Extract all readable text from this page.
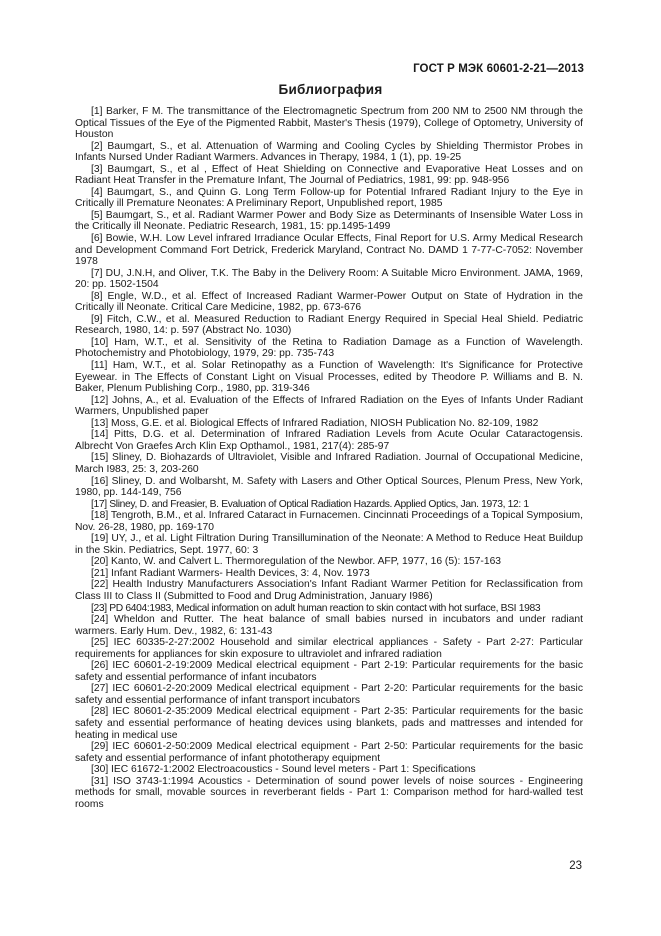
ГОСТ Р МЭК 60601-2-21—2013
Библиография

[1] Barker, F M. The transmittance of the Electromagnetic Spectrum from 200 NM to 2500 NM through the Optical Tissues of the Eye of the Pigmented Rabbit, Master's Thesis (1979), College of Optometry, University of Houston

[2] Baumgart, S., et al. Attenuation of Warming and Cooling Cycles by Shielding Thermistor Probes in Infants Nursed Under Radiant Warmers. Advances in Therapy, 1984, 1 (1), pp. 19-25

[3] Baumgart, S., et al , Effect of Heat Shielding on Connective and Evaporative Heat Losses and on Radiant Heat Transfer in the Premature Infant, The Journal of Pediatrics, 1981, 99: pp. 948-956

[4] Baumgart, S., and Quinn G. Long Term Follow-up for Potential Infrared Radiant Injury to the Eye in Critically ill Premature Neonates: A Preliminary Report, Unpublished report, 1985

[5] Baumgart, S., et al. Radiant Warmer Power and Body Size as Determinants of Insensible Water Loss in the Critically ill Neonate. Pediatric Research, 1981, 15: pp.1495-1499

[6] Bowie, W.H. Low Level infrared Irradiance Ocular Effects, Final Report for U.S. Army Medical Research and Development Command Fort Detrick, Frederick Maryland, Contract No. DAMD 1 7-77-C-7052: November 1978

[7] DU, J.N.H, and Oliver, T.K. The Baby in the Delivery Room: A Suitable Micro Environment. JAMA, 1969, 20: pp. 1502-1504

[8] Engle, W.D., et al. Effect of Increased Radiant Warmer-Power Output on State of Hydration in the Critically ill Neonate. Critical Care Medicine, 1982, pp. 673-676

[9] Fitch, C.W., et al. Measured Reduction to Radiant Energy Required in Special Heal Shield. Pediatric Research, 1980, 14: p. 597 (Abstract No. 1030)

[10] Ham, W.T., et al. Sensitivity of the Retina to Radiation Damage as a Function of Wavelength. Photochemistry and Photobiology, 1979, 29: pp. 735-743

[11] Ham, W.T., et al. Solar Retinopathy as a Function of Wavelength: It's Significance for Protective Eyewear. in The Effects of Constant Light on Visual Processes, edited by Theodore P. Williams and B. N. Baker, Plenum Publishing Corp., 1980, pp. 319-346

[12] Johns, A., et al. Evaluation of the Effects of Infrared Radiation on the Eyes of Infants Under Radiant Warmers, Unpublished paper

[13] Moss, G.E. et al. Biological Effects of Infrared Radiation, NIOSH Publication No. 82-109, 1982

[14] Pitts, D.G. et al. Determination of Infrared Radiation Levels from Acute Ocular Cataractogensis. Albrecht Von Graefes Arch Klin Exp Opthamol., 1981, 217(4): 285-97

[15] Sliney, D. Biohazards of Ultraviolet, Visible and Infrared Radiation. Journal of Occupational Medicine, March I983, 25: 3, 203-260

[16] Sliney, D. and Wolbarsht, M. Safety with Lasers and Other Optical Sources, Plenum Press, New York, 1980, pp. 144-149, 756

[17] Sliney, D. and Freasier, B. Evaluation of Optical Radiation Hazards. Applied Optics, Jan. 1973, 12: 1

[18] Tengroth, B.M., et al. Infrared Cataract in Furnacemen. Cincinnati Proceedings of a Topical Symposium, Nov. 26-28, 1980, pp. 169-170

[19] UY, J., et al. Light Filtration During Transillumination of the Neonate: A Method to Reduce Heat Buildup in the Skin. Pediatrics, Sept. 1977, 60: 3

[20] Kanto, W. and Calvert L. Thermoregulation of the Newbor. AFP, 1977, 16 (5): 157-163

[21] Infant Radiant Warmers- Health Devices, 3: 4, Nov. 1973

[22] Health Industry Manufacturers Association's Infant Radiant Warmer Petition for Reclassification from Class III to Class II (Submitted to Food and Drug Administration, January I986)

[23] PD 6404:1983, Medical information on adult human reaction to skin contact with hot surface, BSI 1983

[24] Wheldon and Rutter. The heat balance of small babies nursed in incubators and under radiant warmers. Early Hum. Dev., 1982, 6: 131-43

[25] IEC 60335-2-27:2002 Household and similar electrical appliances - Safety - Part 2-27: Particular requirements for appliances for skin exposure to ultraviolet and infrared radiation

[26] IEC 60601-2-19:2009 Medical electrical equipment - Part 2-19: Particular requirements for the basic safety and essential performance of infant incubators

[27] IEC 60601-2-20:2009 Medical electrical equipment - Part 2-20: Particular requirements for the basic safety and essential performance of infant transport incubators

[28] IEC 80601-2-35:2009 Medical electrical equipment - Part 2-35: Particular requirements for the basic safety and essential performance of heating devices using blankets, pads and mattresses and intended for heating in medical use

[29] IEC 60601-2-50:2009 Medical electrical equipment - Part 2-50: Particular requirements for the basic safety and essential performance of infant phototherapy equipment

[30] IEC 61672-1:2002 Electroacoustics - Sound level meters - Part 1: Specifications

[31] ISO 3743-1:1994 Acoustics - Determination of sound power levels of noise sources - Engineering methods for small, movable sources in reverberant fields - Part 1: Comparison method for hard-walled test rooms

23
